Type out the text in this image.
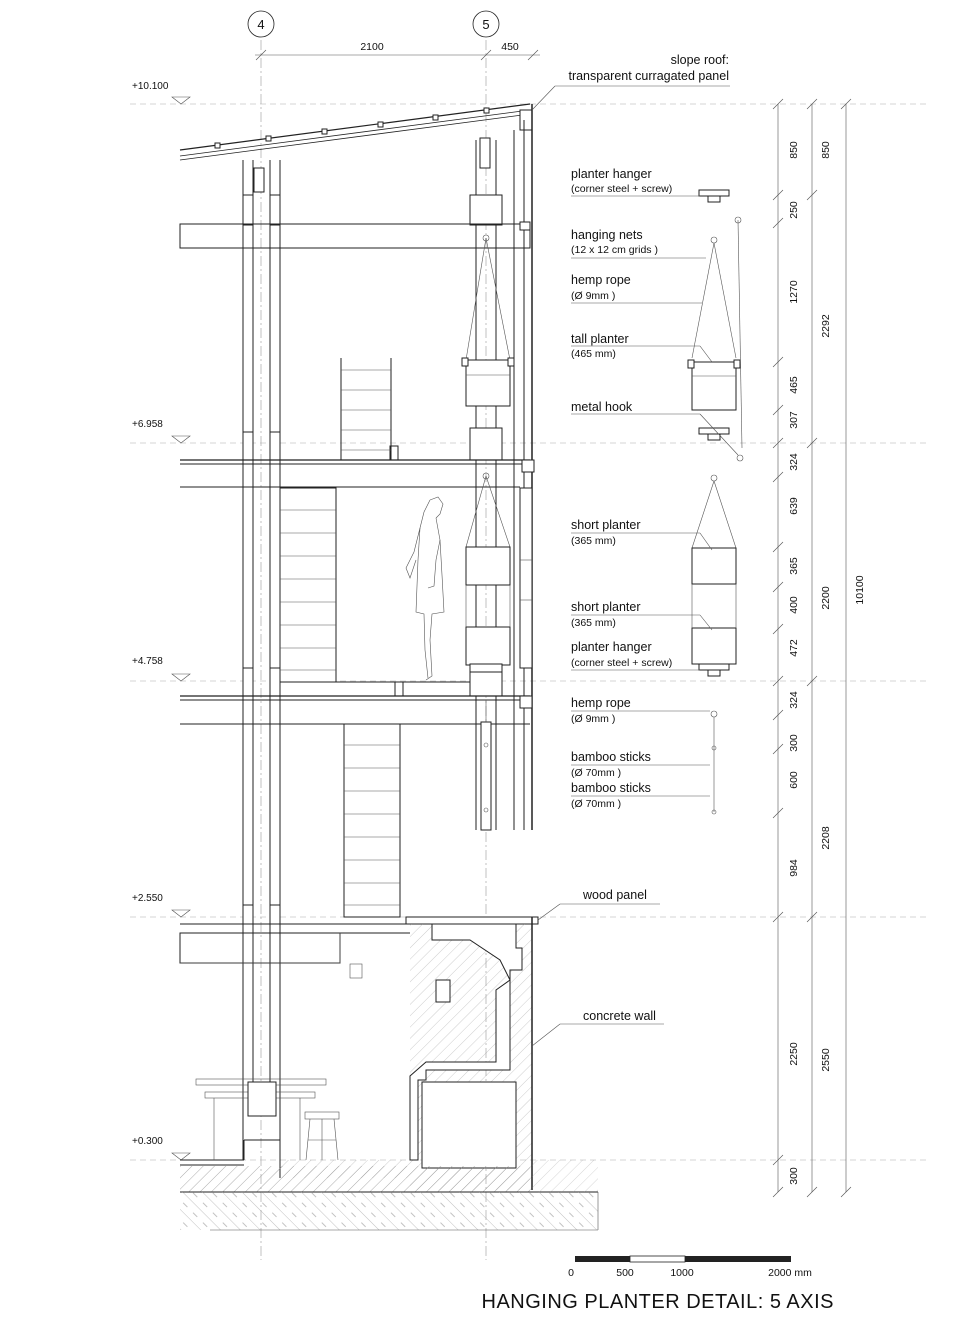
4	5
2100	450
+10.100
+6.958
+4.758
+2.550
+0.300
slope roof:
transparent curragated panel
planter hanger
(corner steel + screw)
hanging nets
(12 x 12 cm grids )
hemp rope
(Ø 9mm )
tall planter
(465 mm)
metal hook
short planter
(365 mm)
short planter
(365 mm)
planter hanger
(corner steel + screw)
hemp rope
(Ø 9mm )
bamboo sticks
(Ø 70mm )
bamboo sticks
(Ø 70mm )
wood panel
concrete wall
850
250
1270
465
307
324
639
365
400
472
324
300
600
984
2250
300
850
2292
2200
2208
2550
10100
0	500	1000	2000 mm
HANGING PLANTER DETAIL: 5 AXIS
